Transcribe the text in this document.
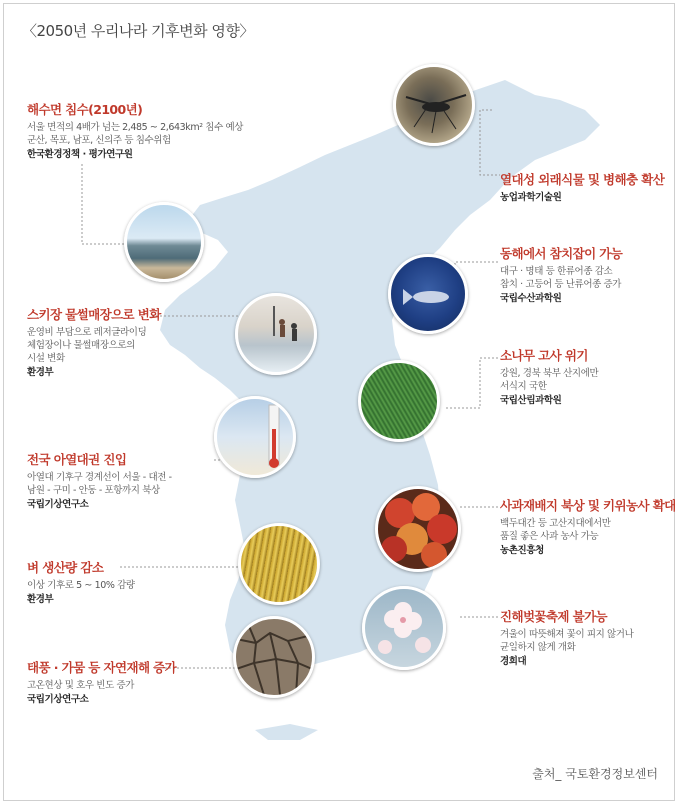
〈2050년 우리나라 기후변화 영향〉
해수면 침수(2100년)
서울 면적의 4배가 넘는 2,485 ~ 2,643km² 침수 예상
군산, 목포, 남포, 신의주 등 침수위험
한국환경정책 · 평가연구원
열대성 외래식물 및 병해충 확산
농업과학기술원
동해에서 참치잡이 가능
대구 · 명태 등 한류어종 감소
참치 · 고등어 등 난류어종 증가
국립수산과학원
스키장 물썰매장으로 변화
운영비 부담으로 레저글라이딩
체험장이나 물썰매장으로의
시설 변화
환경부
소나무 고사 위기
강원, 경북 북부 산지에만
서식지 국한
국립산림과학원
전국 아열대권 진입
아열대 기후구 경계선이 서울 - 대전 -
남원 - 구미 - 안동 - 포항까지 북상
국립기상연구소	사과재배지 북상 및 키위농사 확대
백두대간 등 고산지대에서만
품질 좋은 사과 농사 가능
농촌진흥청
벼 생산량 감소
이상 기후로 5 ~ 10% 감량
환경부
진해벚꽃축제 불가능
겨울이 따뜻해져 꽃이 피지 않거나
균일하지 않게 개화
경희대
태풍 · 가뭄 등 자연재해 증가
고온현상 및 호우 빈도 증가
국립기상연구소
출처_ 국토환경정보센터
